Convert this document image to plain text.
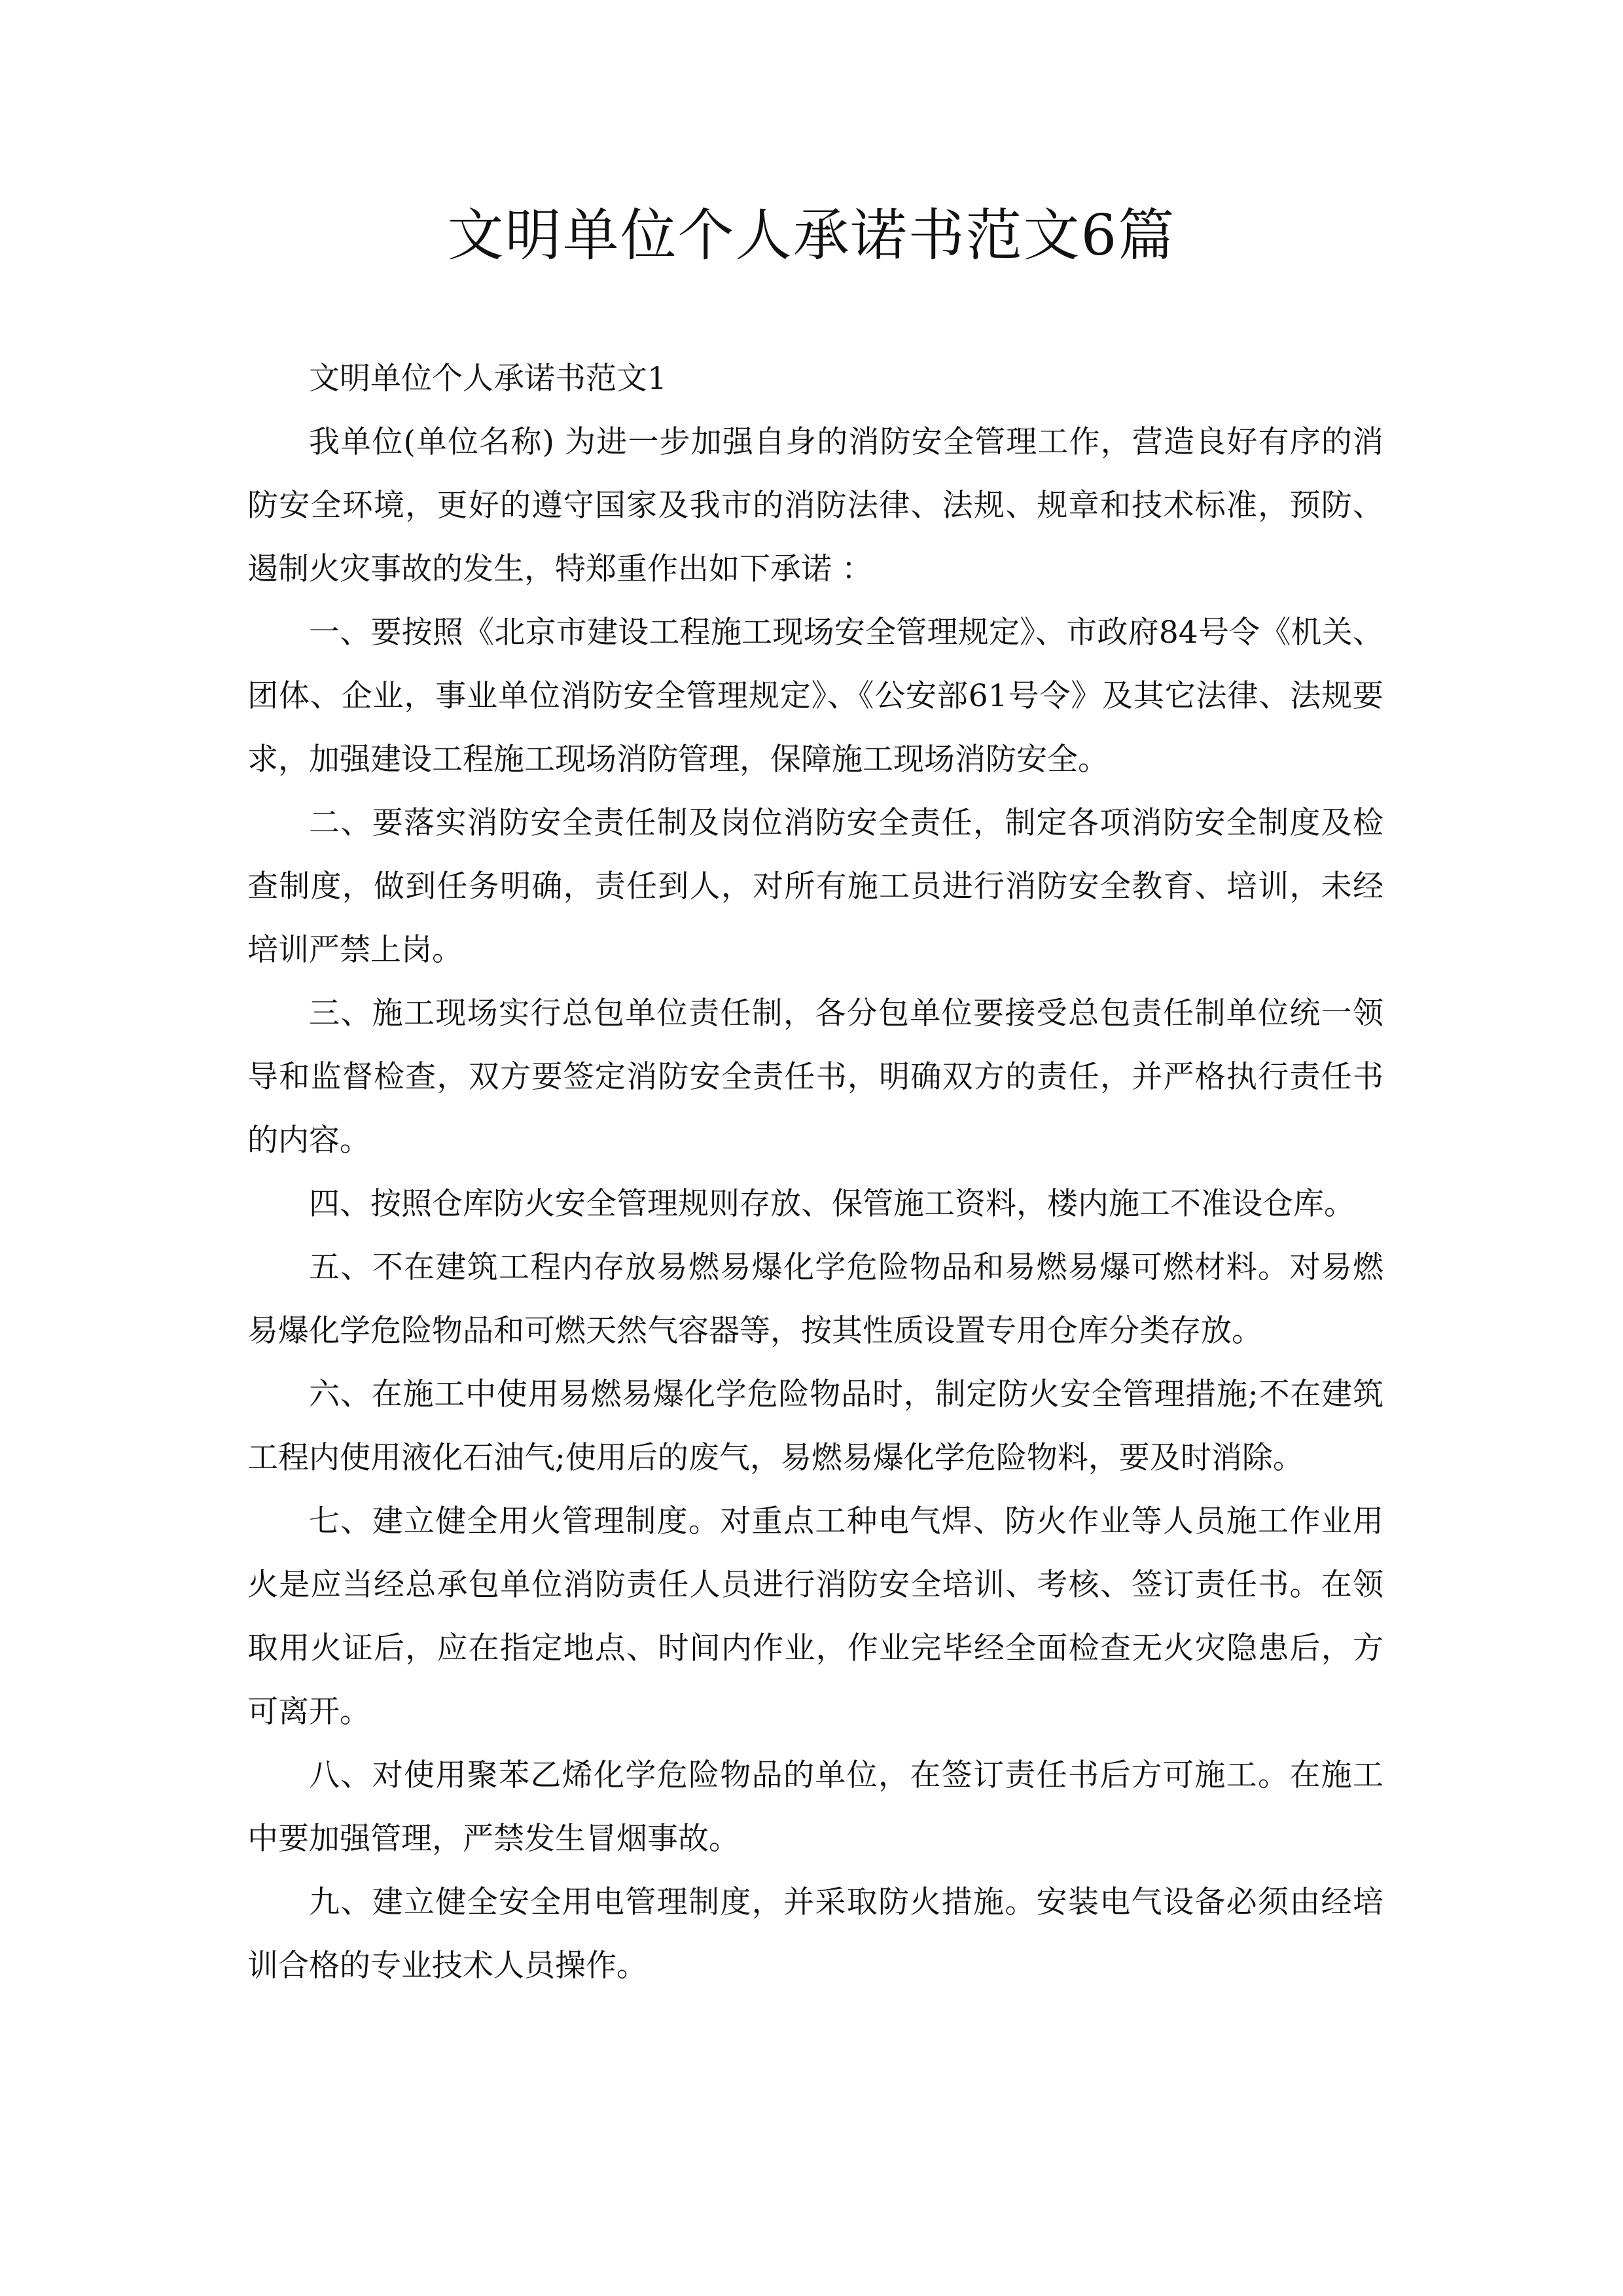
文明单位个人承诺书范文6篇

文明单位个人承诺书范文1

我单位(单位名称) 为进一步加强自身的消防安全管理工作，营造良好有序的消防安全环境，更好的遵守国家及我市的消防法律、法规、规章和技术标准，预防、遏制火灾事故的发生，特郑重作出如下承诺 ：

一、要按照《北京市建设工程施工现场安全管理规定》、市政府84号令《机关、团体、企业，事业单位消防安全管理规定》、《公安部61号令》及其它法律、法规要求，加强建设工程施工现场消防管理，保障施工现场消防安全。

二、要落实消防安全责任制及岗位消防安全责任，制定各项消防安全制度及检查制度，做到任务明确，责任到人，对所有施工员进行消防安全教育、培训，未经培训严禁上岗。

三、施工现场实行总包单位责任制，各分包单位要接受总包责任制单位统一领导和监督检查，双方要签定消防安全责任书，明确双方的责任，并严格执行责任书的内容。

四、按照仓库防火安全管理规则存放、保管施工资料，楼内施工不准设仓库。

五、不在建筑工程内存放易燃易爆化学危险物品和易燃易爆可燃材料。对易燃易爆化学危险物品和可燃天然气容器等，按其性质设置专用仓库分类存放。

六、在施工中使用易燃易爆化学危险物品时，制定防火安全管理措施;不在建筑工程内使用液化石油气;使用后的废气，易燃易爆化学危险物料，要及时消除。

七、建立健全用火管理制度。对重点工种电气焊、防火作业等人员施工作业用火是应当经总承包单位消防责任人员进行消防安全培训、考核、签订责任书。在领取用火证后，应在指定地点、时间内作业，作业完毕经全面检查无火灾隐患后，方可离开。

八、对使用聚苯乙烯化学危险物品的单位，在签订责任书后方可施工。在施工中要加强管理，严禁发生冒烟事故。

九、建立健全安全用电管理制度，并采取防火措施。安装电气设备必须由经培训合格的专业技术人员操作。
